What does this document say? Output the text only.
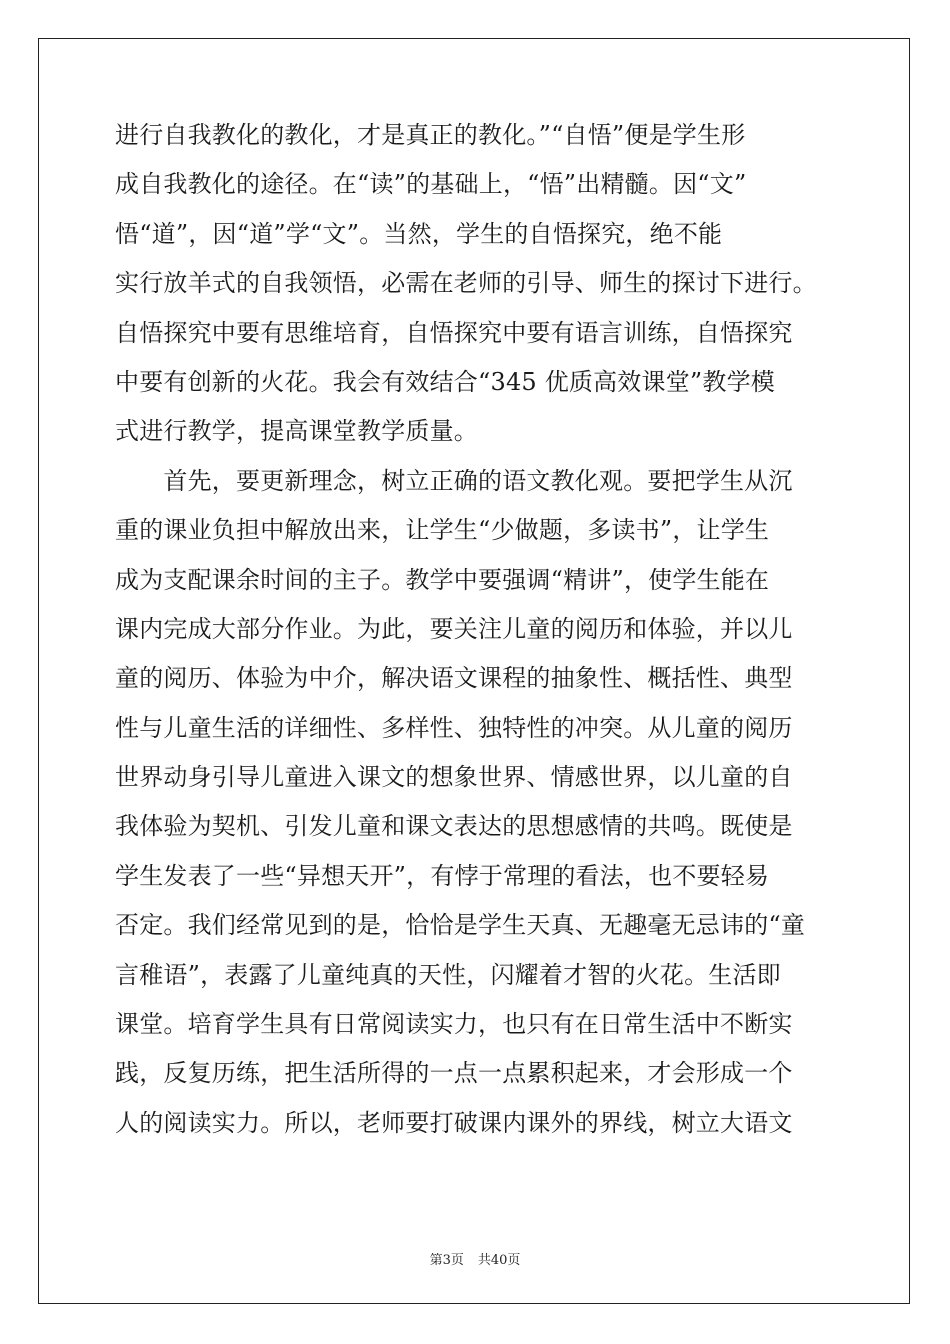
进行自我教化的教化，才是真正的教化。”“自悟”便是学生形
成自我教化的途径。在“读”的基础上，“悟”出精髓。因“文”
悟“道”，因“道”学“文”。当然，学生的自悟探究，绝不能
实行放羊式的自我领悟，必需在老师的引导、师生的探讨下进行。
自悟探究中要有思维培育，自悟探究中要有语言训练，自悟探究
中要有创新的火花。我会有效结合“345 优质高效课堂”教学模
式进行教学，提高课堂教学质量。
　　首先，要更新理念，树立正确的语文教化观。要把学生从沉
重的课业负担中解放出来，让学生“少做题，多读书”，让学生
成为支配课余时间的主子。教学中要强调“精讲”，使学生能在
课内完成大部分作业。为此，要关注儿童的阅历和体验，并以儿
童的阅历、体验为中介，解决语文课程的抽象性、概括性、典型
性与儿童生活的详细性、多样性、独特性的冲突。从儿童的阅历
世界动身引导儿童进入课文的想象世界、情感世界，以儿童的自
我体验为契机、引发儿童和课文表达的思想感情的共鸣。既使是
学生发表了一些“异想天开”，有悖于常理的看法，也不要轻易
否定。我们经常见到的是，恰恰是学生天真、无趣毫无忌讳的“童
言稚语”，表露了儿童纯真的天性，闪耀着才智的火花。生活即
课堂。培育学生具有日常阅读实力，也只有在日常生活中不断实
践，反复历练，把生活所得的一点一点累积起来，才会形成一个
人的阅读实力。所以，老师要打破课内课外的界线，树立大语文
第3页 共40页
